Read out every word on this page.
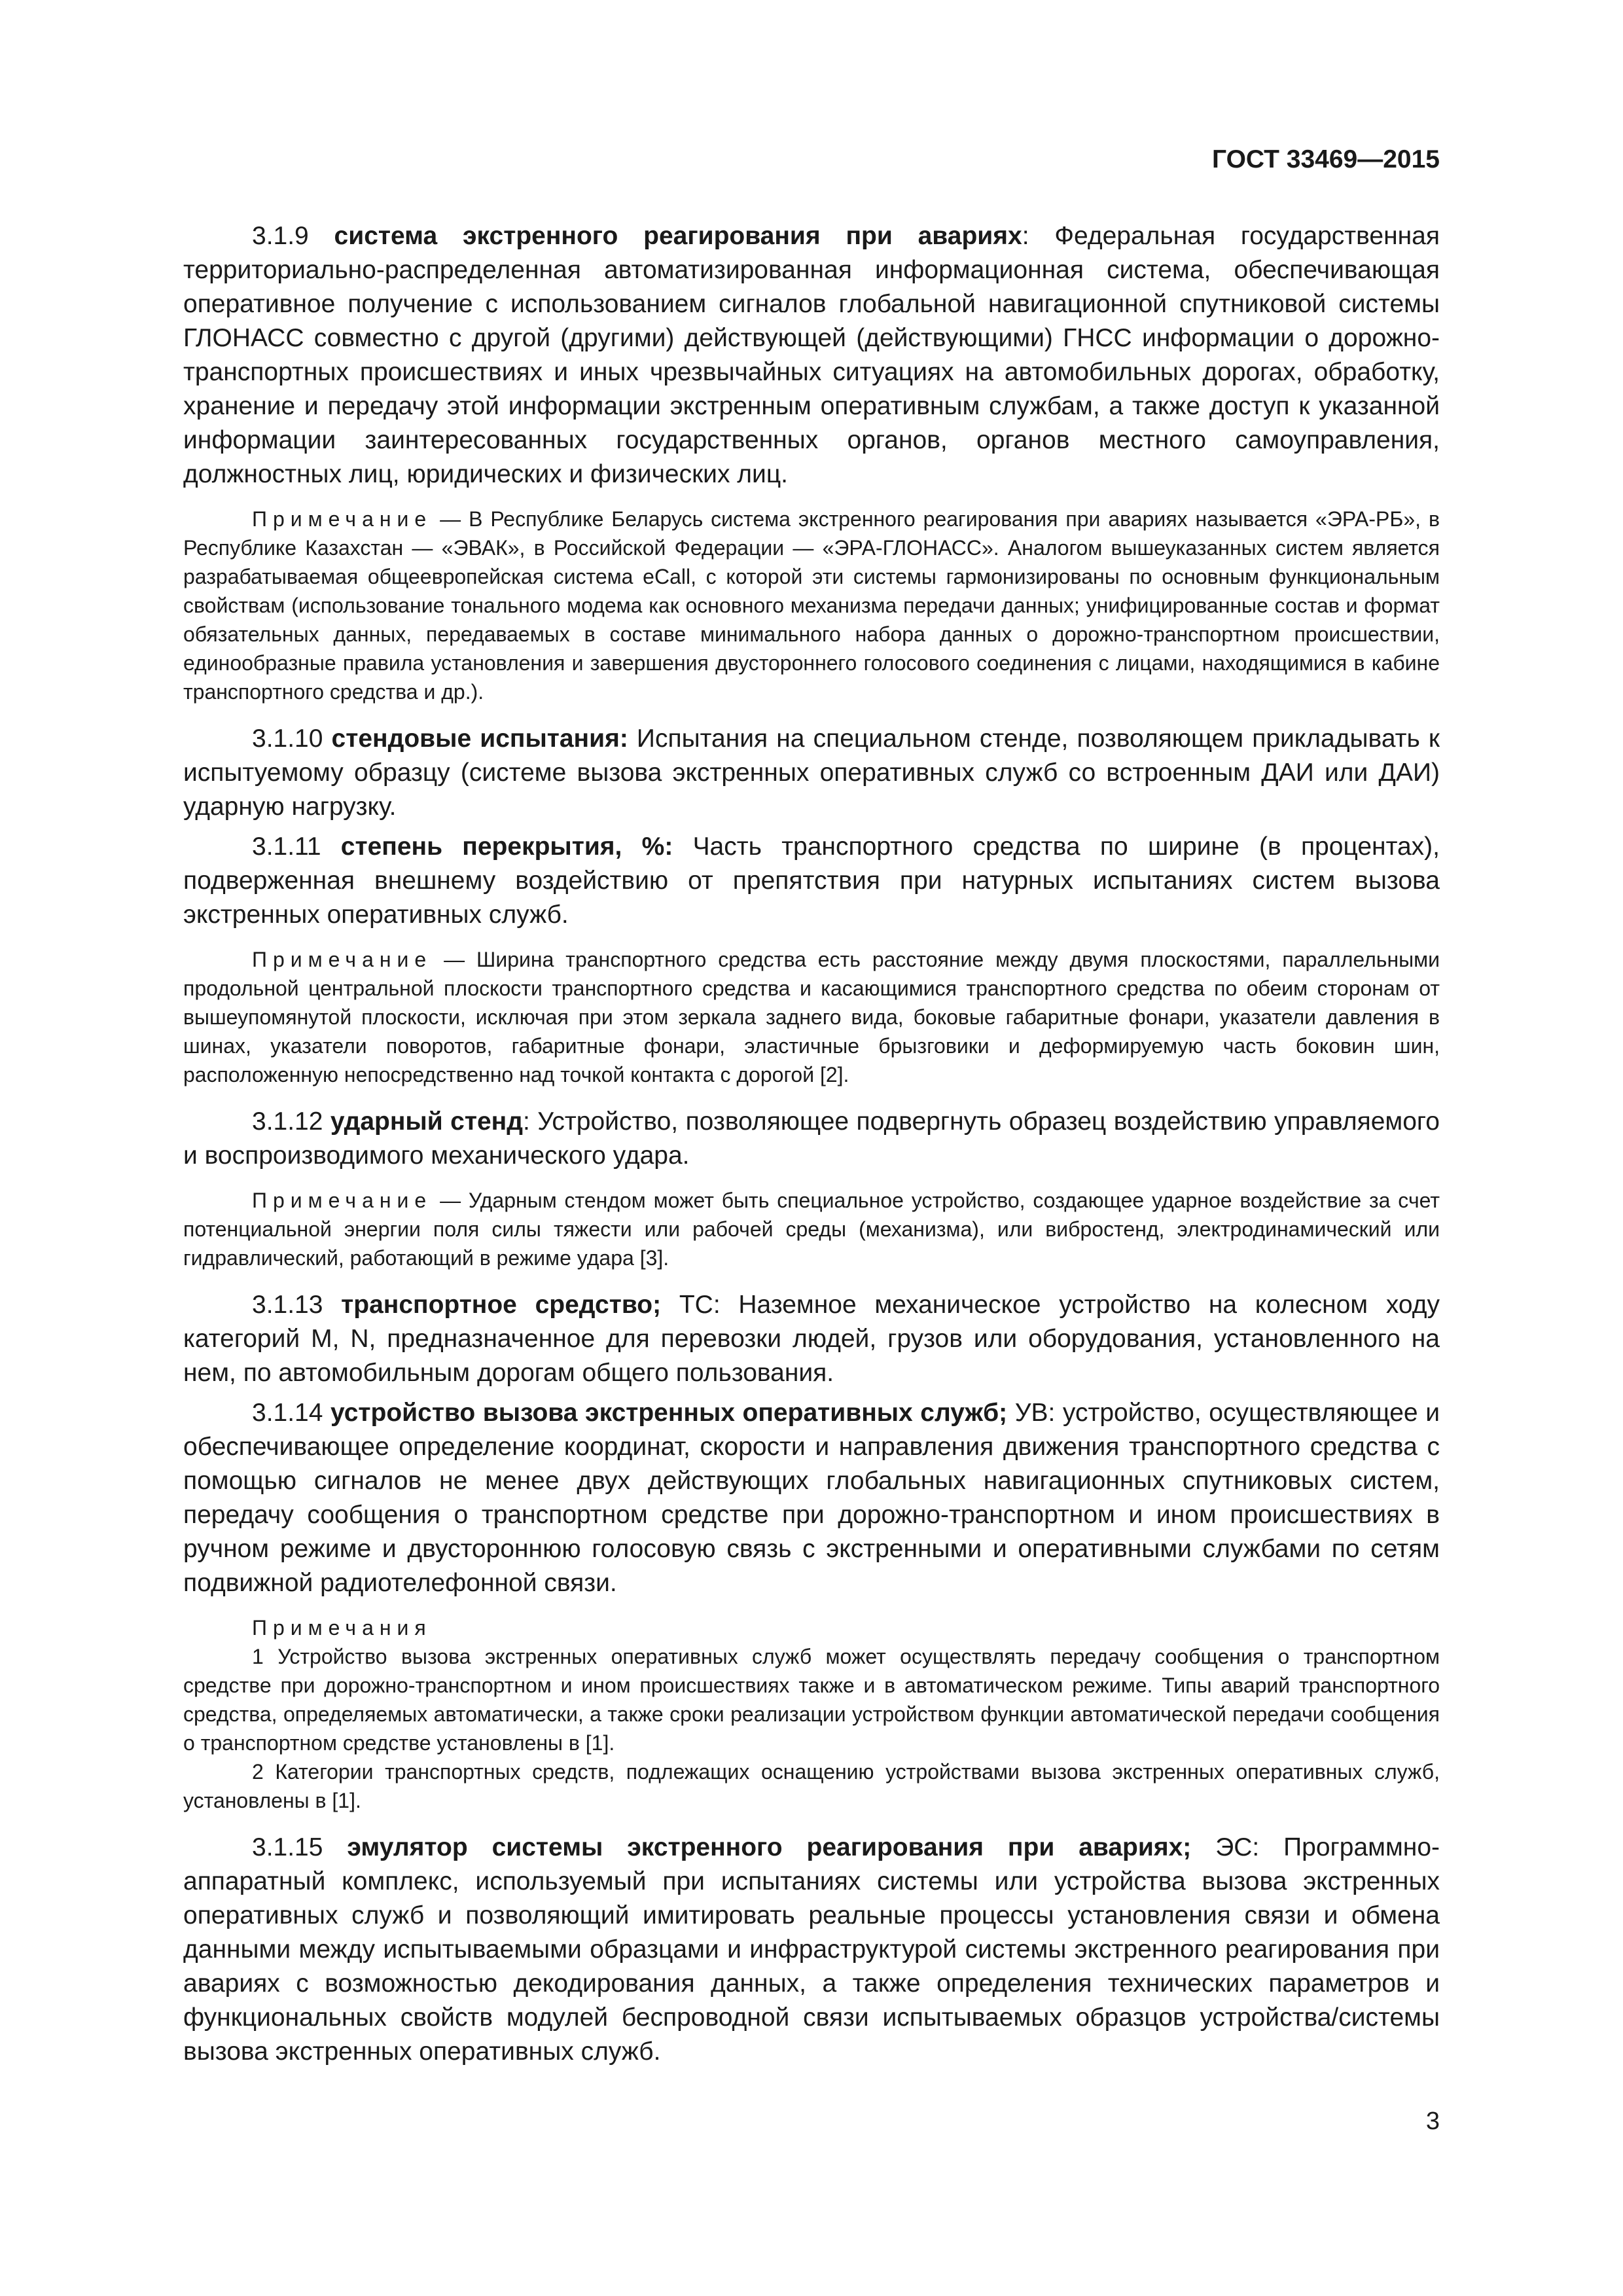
ГОСТ 33469—2015

3.1.9 система экстренного реагирования при авариях: Федеральная государственная территориально-распределенная автоматизированная информационная система, обеспечивающая оперативное получение с использованием сигналов глобальной навигационной спутниковой системы ГЛОНАСС совместно с другой (другими) действующей (действующими) ГНСС информации о дорожно-транспортных происшествиях и иных чрезвычайных ситуациях на автомобильных дорогах, обработку, хранение и передачу этой информации экстренным оперативным службам, а также доступ к указанной информации заинтересованных государственных органов, органов местного самоуправления, должностных лиц, юридических и физических лиц.

Примечание — В Республике Беларусь система экстренного реагирования при авариях называется «ЭРА-РБ», в Республике Казахстан — «ЭВАК», в Российской Федерации — «ЭРА-ГЛОНАСС». Аналогом вышеуказанных систем является разрабатываемая общеевропейская система eCall, с которой эти системы гармонизированы по основным функциональным свойствам (использование тонального модема как основного механизма передачи данных; унифицированные состав и формат обязательных данных, передаваемых в составе минимального набора данных о дорожно-транспортном происшествии, единообразные правила установления и завершения двустороннего голосового соединения с лицами, находящимися в кабине транспортного средства и др.).

3.1.10 стендовые испытания: Испытания на специальном стенде, позволяющем прикладывать к испытуемому образцу (системе вызова экстренных оперативных служб со встроенным ДАИ или ДАИ) ударную нагрузку.

3.1.11 степень перекрытия, %: Часть транспортного средства по ширине (в процентах), подверженная внешнему воздействию от препятствия при натурных испытаниях систем вызова экстренных оперативных служб.

Примечание — Ширина транспортного средства есть расстояние между двумя плоскостями, параллельными продольной центральной плоскости транспортного средства и касающимися транспортного средства по обеим сторонам от вышеупомянутой плоскости, исключая при этом зеркала заднего вида, боковые габаритные фонари, указатели давления в шинах, указатели поворотов, габаритные фонари, эластичные брызговики и деформируемую часть боковин шин, расположенную непосредственно над точкой контакта с дорогой [2].

3.1.12 ударный стенд: Устройство, позволяющее подвергнуть образец воздействию управляемого и воспроизводимого механического удара.

Примечание — Ударным стендом может быть специальное устройство, создающее ударное воздействие за счет потенциальной энергии поля силы тяжести или рабочей среды (механизма), или вибростенд, электродинамический или гидравлический, работающий в режиме удара [3].

3.1.13 транспортное средство; ТС: Наземное механическое устройство на колесном ходу категорий M, N, предназначенное для перевозки людей, грузов или оборудования, установленного на нем, по автомобильным дорогам общего пользования.

3.1.14 устройство вызова экстренных оперативных служб; УВ: устройство, осуществляющее и обеспечивающее определение координат, скорости и направления движения транспортного средства с помощью сигналов не менее двух действующих глобальных навигационных спутниковых систем, передачу сообщения о транспортном средстве при дорожно-транспортном и ином происшествиях в ручном режиме и двустороннюю голосовую связь с экстренными и оперативными службами по сетям подвижной радиотелефонной связи.

Примечания

1 Устройство вызова экстренных оперативных служб может осуществлять передачу сообщения о транспортном средстве при дорожно-транспортном и ином происшествиях также и в автоматическом режиме. Типы аварий транспортного средства, определяемых автоматически, а также сроки реализации устройством функции автоматической передачи сообщения о транспортном средстве установлены в [1].

2 Категории транспортных средств, подлежащих оснащению устройствами вызова экстренных оперативных служб, установлены в [1].

3.1.15 эмулятор системы экстренного реагирования при авариях; ЭС: Программно-аппаратный комплекс, используемый при испытаниях системы или устройства вызова экстренных оперативных служб и позволяющий имитировать реальные процессы установления связи и обмена данными между испытываемыми образцами и инфраструктурой системы экстренного реагирования при авариях с возможностью декодирования данных, а также определения технических параметров и функциональных свойств модулей беспроводной связи испытываемых образцов устройства/системы вызова экстренных оперативных служб.

3
